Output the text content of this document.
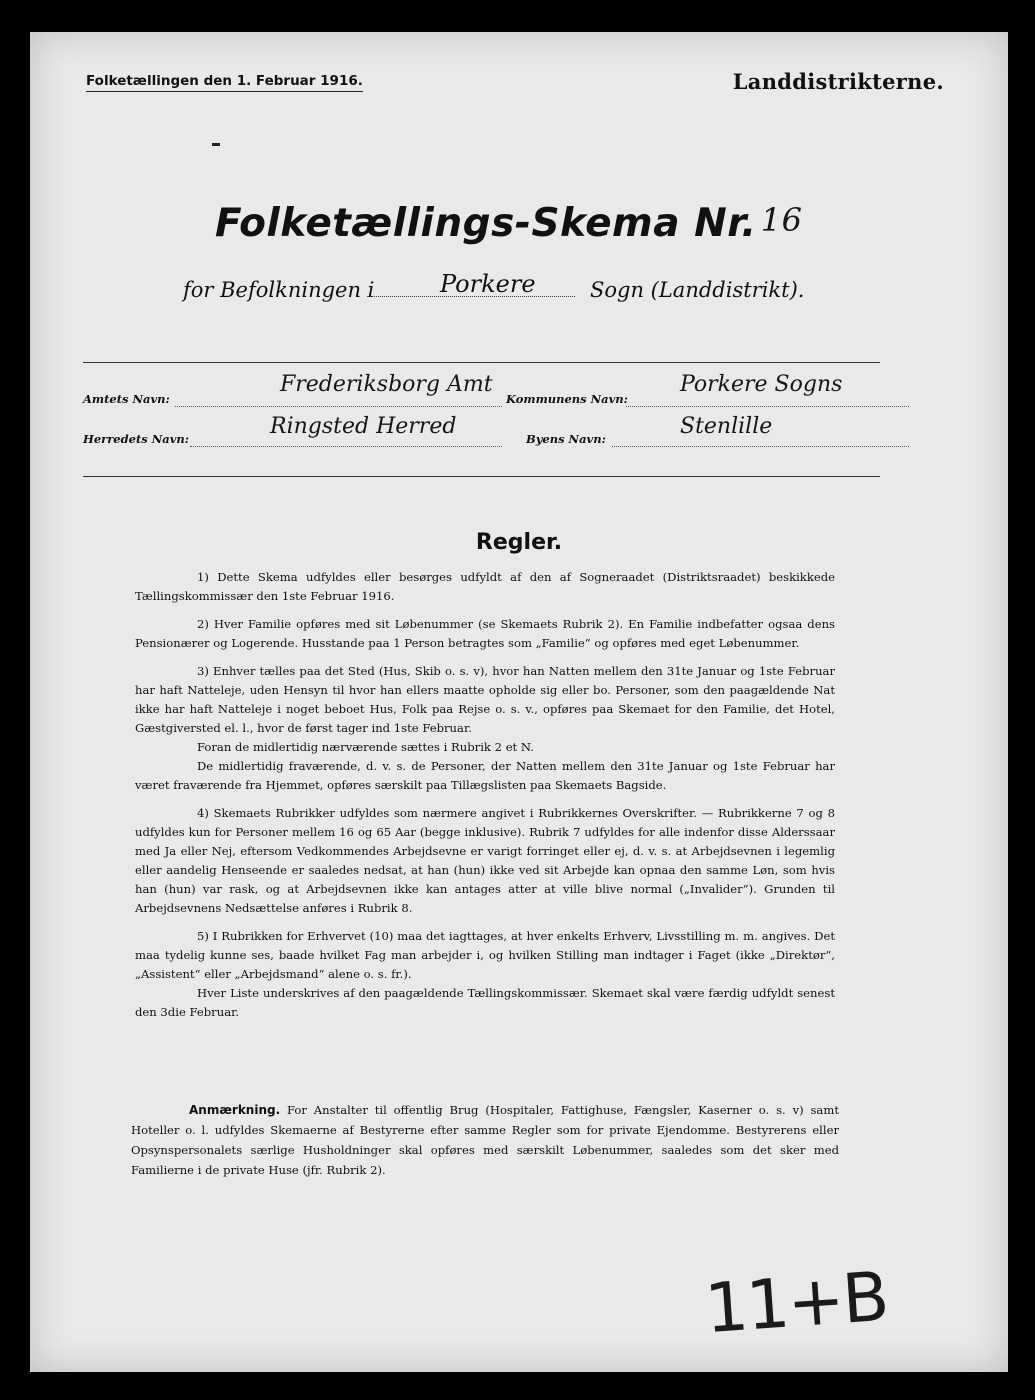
Folketællingen den 1. Februar 1916.	Landdistrikterne.
Folketællings-Skema Nr. 16
for Befolkningen i	Porkere	Sogn (Landdistrikt).
Amtets Navn:
Frederiksborg Amt
Kommunens Navn:
Porkere Sogns
Herredets Navn:	Ringsted Herred	Byens Navn:	Stenlille
Regler.

1) Dette Skema udfyldes eller besørges udfyldt af den af Sogneraadet (Distriktsraadet) beskikkede Tællingskommissær den 1ste Februar 1916.

2) Hver Familie opføres med sit Løbenummer (se Skemaets Rubrik 2). En Familie indbefatter ogsaa dens Pensionærer og Logerende. Husstande paa 1 Person betragtes som „Familie“ og opføres med eget Løbenummer.

3) Enhver tælles paa det Sted (Hus, Skib o. s. v), hvor han Natten mellem den 31te Januar og 1ste Februar har haft Natteleje, uden Hensyn til hvor han ellers maatte opholde sig eller bo. Personer, som den paagældende Nat ikke har haft Natteleje i noget beboet Hus, Folk paa Rejse o. s. v., opføres paa Skemaet for den Familie, det Hotel, Gæstgiversted el. l., hvor de først tager ind 1ste Februar.

Foran de midlertidig nærværende sættes i Rubrik 2 et N.

De midlertidig fraværende, d. v. s. de Personer, der Natten mellem den 31te Januar og 1ste Februar har været fraværende fra Hjemmet, opføres særskilt paa Tillægslisten paa Skemaets Bagside.

4) Skemaets Rubrikker udfyldes som nærmere angivet i Rubrikkernes Overskrifter. — Rubrikkerne 7 og 8 udfyldes kun for Personer mellem 16 og 65 Aar (begge inklusive). Rubrik 7 udfyldes for alle indenfor disse Alderssaar med Ja eller Nej, eftersom Vedkommendes Arbejdsevne er varigt forringet eller ej, d. v. s. at Arbejdsevnen i legemlig eller aandelig Henseende er saaledes nedsat, at han (hun) ikke ved sit Arbejde kan opnaa den samme Løn, som hvis han (hun) var rask, og at Arbejdsevnen ikke kan antages atter at ville blive normal („Invalider“). Grunden til Arbejdsevnens Nedsættelse anføres i Rubrik 8.

5) I Rubrikken for Erhvervet (10) maa det iagttages, at hver enkelts Erhverv, Livsstilling m. m. angives. Det maa tydelig kunne ses, baade hvilket Fag man arbejder i, og hvilken Stilling man indtager i Faget (ikke „Direktør“, „Assistent“ eller „Arbejdsmand“ alene o. s. fr.).

Hver Liste underskrives af den paagældende Tællingskommissær. Skemaet skal være færdig udfyldt senest den 3die Februar.

Anmærkning. For Anstalter til offentlig Brug (Hospitaler, Fattighuse, Fængsler, Kaserner o. s. v) samt Hoteller o. l. udfyldes Skemaerne af Bestyrerne efter samme Regler som for private Ejendomme. Bestyrerens eller Opsynspersonalets særlige Husholdninger skal opføres med særskilt Løbenummer, saaledes som det sker med Familierne i de private Huse (jfr. Rubrik 2).
11+B
